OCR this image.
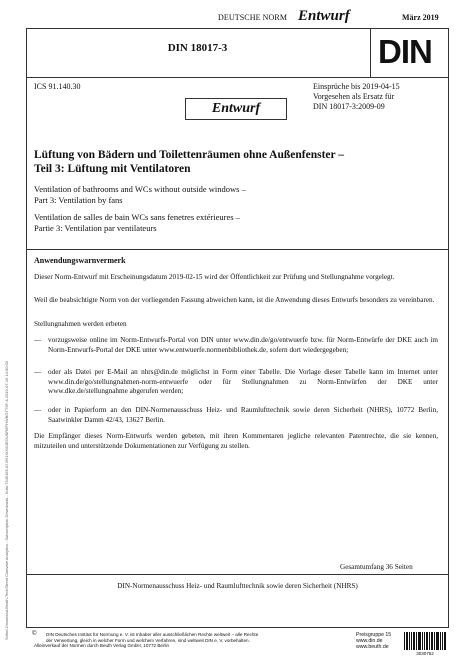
Sofort-Download-Beuth-TechStreet Clarivate Analytics - Subscription Downloads - Kdnr.7346165-ID.6H1XDWJEOUBR9PHWBOTT9F-4-2019-07-16 14:00:03
DEUTSCHE NORM Entwurf	März 2019
DIN 18017-3	DIN
ICS 91.140.30
Entwurf
Einsprüche bis 2019-04-15
Vorgesehen als Ersatz für
DIN 18017-3:2009-09
Lüftung von Bädern und Toilettenräumen ohne Außenfenster –
Teil 3: Lüftung mit Ventilatoren
Ventilation of bathrooms and WCs without outside windows –
Part 3: Ventilation by fans
Ventilation de salles de bain WCs sans fenetres extérieures –
Partie 3: Ventilation par ventilateurs
Anwendungswarnvermerk
Dieser Norm-Entwurf mit Erscheinungsdatum 2019-02-15 wird der Öffentlichkeit zur Prüfung und Stellungnahme vorgelegt.
Weil die beabsichtigte Norm von der vorliegenden Fassung abweichen kann, ist die Anwendung dieses Entwurfs besonders zu vereinbaren.
Stellungnahmen werden erbeten
— vorzugsweise online im Norm-Entwurfs-Portal von DIN unter www.din.de/go/entwuerfe bzw. für Norm-Entwürfe der DKE auch im Norm-Entwurfs-Portal der DKE unter www.entwuerfe.normenbibliothek.de, sofern dort wiedergegeben;
— oder als Datei per E-Mail an nhrs@din.de möglichst in Form einer Tabelle. Die Vorlage dieser Tabelle kann im Internet unter www.din.de/go/stellungnahmen-norm-entwuerfe oder für Stellungnahmen zu Norm-Entwürfen der DKE unter www.dke.de/stellungnahme abgerufen werden;
— oder in Papierform an den DIN-Normenausschuss Heiz- und Raumlufttechnik sowie deren Sicherheit (NHRS), 10772 Berlin, Saatwinkler Damm 42/43, 13627 Berlin.
Die Empfänger dieses Norm-Entwurfs werden gebeten, mit ihren Kommentaren jegliche relevanten Patentrechte, die sie kennen, mitzuteilen und unterstützende Dokumentationen zur Verfügung zu stellen.
Gesamtumfang 36 Seiten
DIN-Normenausschuss Heiz- und Raumlufttechnik sowie deren Sicherheit (NHRS)
© DIN Deutsches Institut für Normung e. V. ist Inhaber aller ausschließlichen Rechte weltweit – alle Rechte
der Verwertung, gleich in welcher Form und welchem Verfahren, sind weltweit DIN e. V. vorbehalten.
Alleinverkauf der Normen durch Beuth Verlag GmbH, 10772 Berlin
Preisgruppe 15
www.din.de
www.beuth.de
3030752
